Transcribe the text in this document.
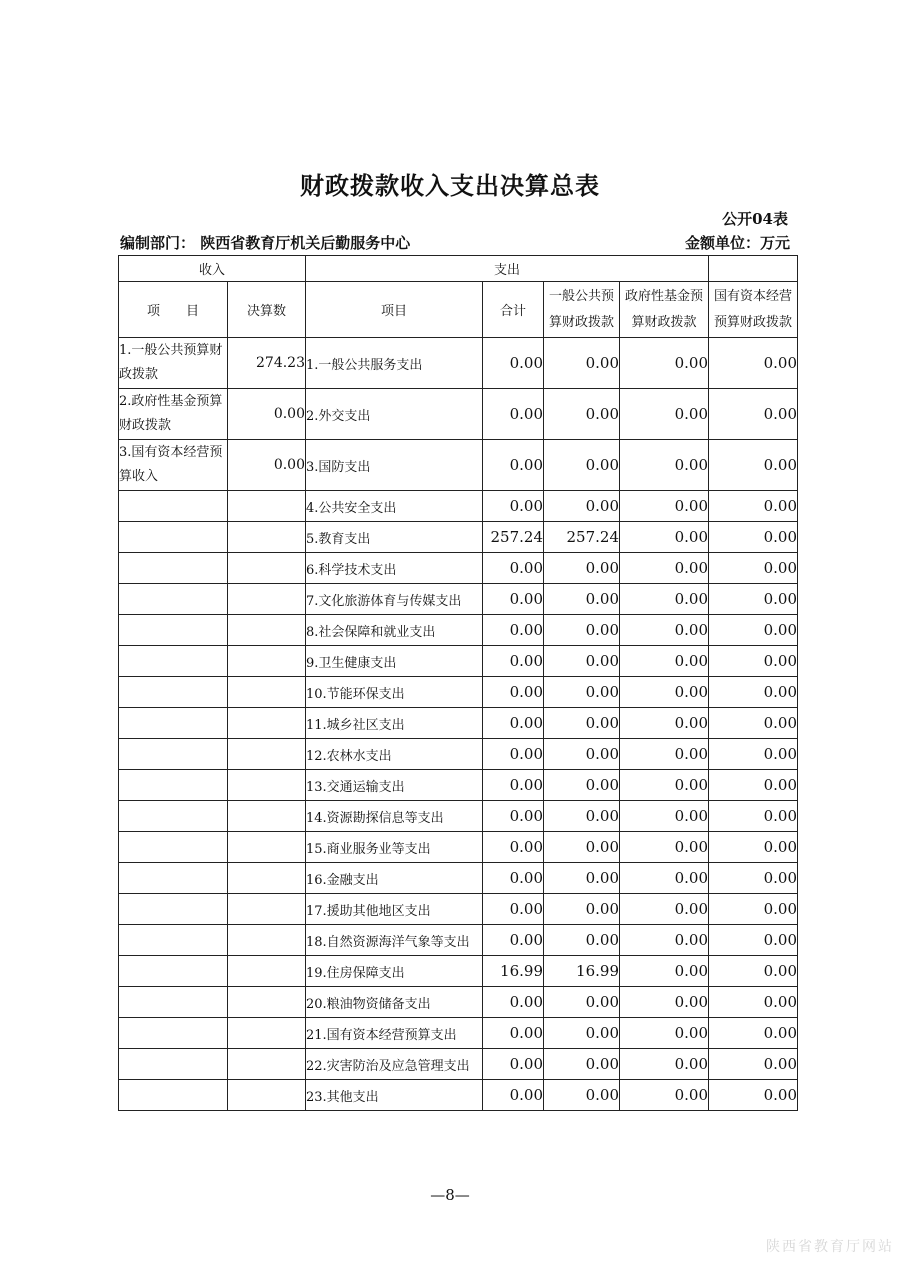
财政拨款收入支出决算总表
公开04表
编制部门： 陕西省教育厅机关后勤服务中心	金额单位：万元
收入		支出				
项　　目	决算数	项目	合计	一般公共预算财政拨款	政府性基金预算财政拨款	国有资本经营预算财政拨款
1.一般公共预算财政拨款	274.23	1.一般公共服务支出	0.00	0.00	0.00	0.00
2.政府性基金预算财政拨款	0.00	2.外交支出	0.00	0.00	0.00	0.00
3.国有资本经营预算收入	0.00	3.国防支出	0.00	0.00	0.00	0.00
		4.公共安全支出	0.00	0.00	0.00	0.00
		5.教育支出	257.24	257.24	0.00	0.00
		6.科学技术支出	0.00	0.00	0.00	0.00
		7.文化旅游体育与传媒支出	0.00	0.00	0.00	0.00
		8.社会保障和就业支出	0.00	0.00	0.00	0.00
		9.卫生健康支出	0.00	0.00	0.00	0.00
		10.节能环保支出	0.00	0.00	0.00	0.00
		11.城乡社区支出	0.00	0.00	0.00	0.00
		12.农林水支出	0.00	0.00	0.00	0.00
		13.交通运输支出	0.00	0.00	0.00	0.00
		14.资源勘探信息等支出	0.00	0.00	0.00	0.00
		15.商业服务业等支出	0.00	0.00	0.00	0.00
		16.金融支出	0.00	0.00	0.00	0.00
		17.援助其他地区支出	0.00	0.00	0.00	0.00
		18.自然资源海洋气象等支出	0.00	0.00	0.00	0.00
		19.住房保障支出	16.99	16.99	0.00	0.00
		20.粮油物资储备支出	0.00	0.00	0.00	0.00
		21.国有资本经营预算支出	0.00	0.00	0.00	0.00
		22.灾害防治及应急管理支出	0.00	0.00	0.00	0.00
		23.其他支出	0.00	0.00	0.00	0.00
—8—
陕西省教育厅网站
